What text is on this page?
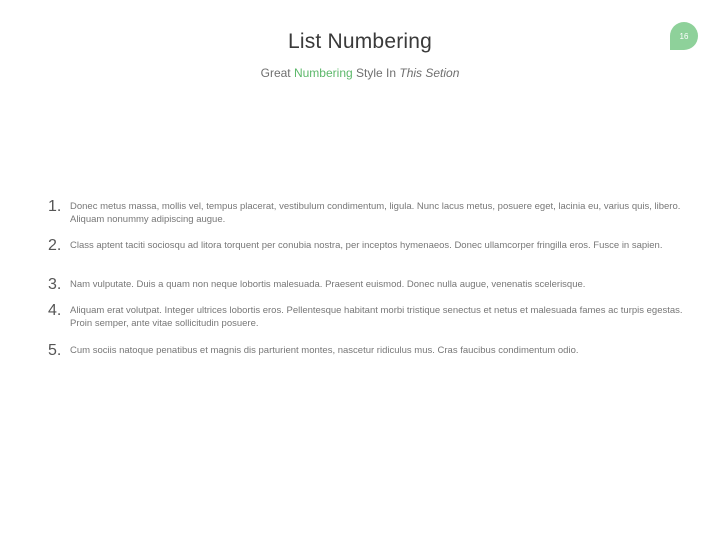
16
List Numbering
Great Numbering Style In This Setion
1. Donec metus massa, mollis vel, tempus placerat, vestibulum condimentum, ligula. Nunc lacus metus, posuere eget, lacinia eu, varius quis, libero. Aliquam nonummy adipiscing augue.
2. Class aptent taciti sociosqu ad litora torquent per conubia nostra, per inceptos hymenaeos. Donec ullamcorper fringilla eros. Fusce in sapien.
3. Nam vulputate. Duis a quam non neque lobortis malesuada. Praesent euismod. Donec nulla augue, venenatis scelerisque.
4. Aliquam erat volutpat. Integer ultrices lobortis eros. Pellentesque habitant morbi tristique senectus et netus et malesuada fames ac turpis egestas. Proin semper, ante vitae sollicitudin posuere.
5. Cum sociis natoque penatibus et magnis dis parturient montes, nascetur ridiculus mus. Cras faucibus condimentum odio.
